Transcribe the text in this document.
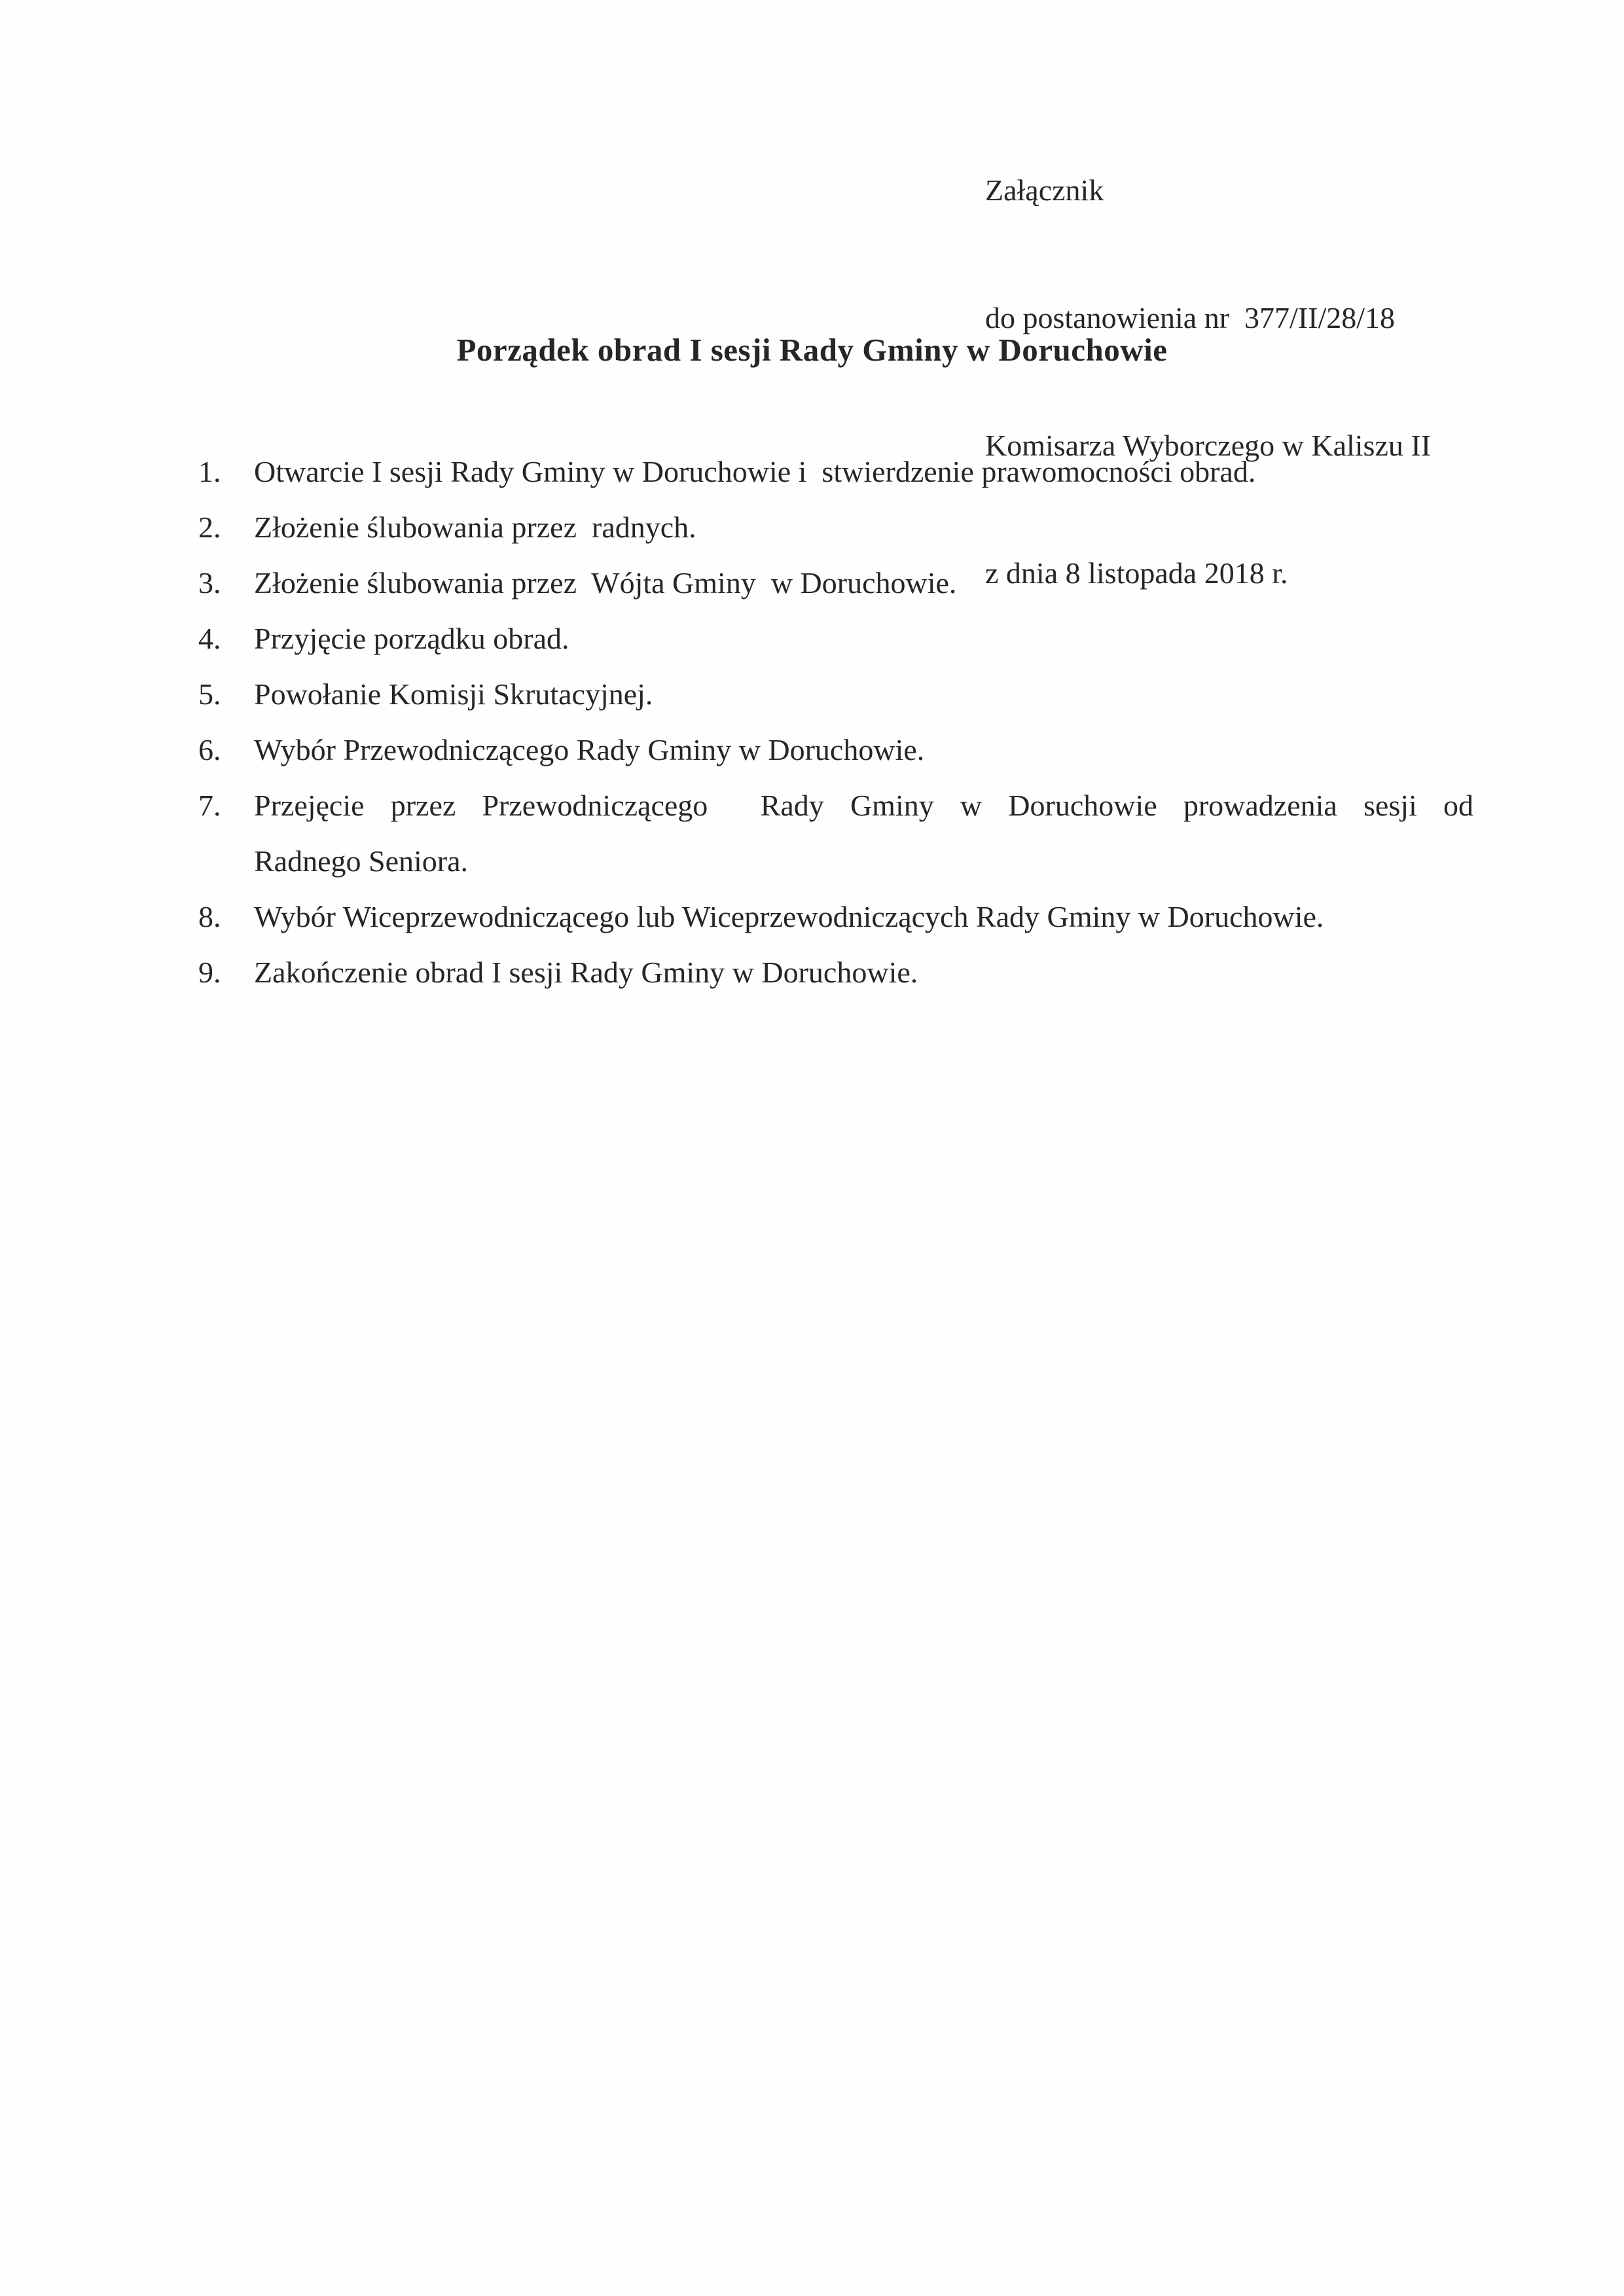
Załącznik

do postanowienia nr  377/II/28/18

Komisarza Wyborczego w Kaliszu II

z dnia 8 listopada 2018 r.

Porządek obrad I sesji Rady Gminy w Doruchowie
1.	Otwarcie I sesji Rady Gminy w Doruchowie i  stwierdzenie prawomocności obrad.
2.	Złożenie ślubowania przez  radnych.
3.	Złożenie ślubowania przez  Wójta Gminy  w Doruchowie.
4.	Przyjęcie porządku obrad.
5.	Powołanie Komisji Skrutacyjnej.
6.	Wybór Przewodniczącego Rady Gminy w Doruchowie.
7.	Przejęcie przez Przewodniczącego  Rady Gminy w Doruchowie prowadzenia sesji od
Radnego Seniora.
8.	Wybór Wiceprzewodniczącego lub Wiceprzewodniczących Rady Gminy w Doruchowie.
9.	Zakończenie obrad I sesji Rady Gminy w Doruchowie.
